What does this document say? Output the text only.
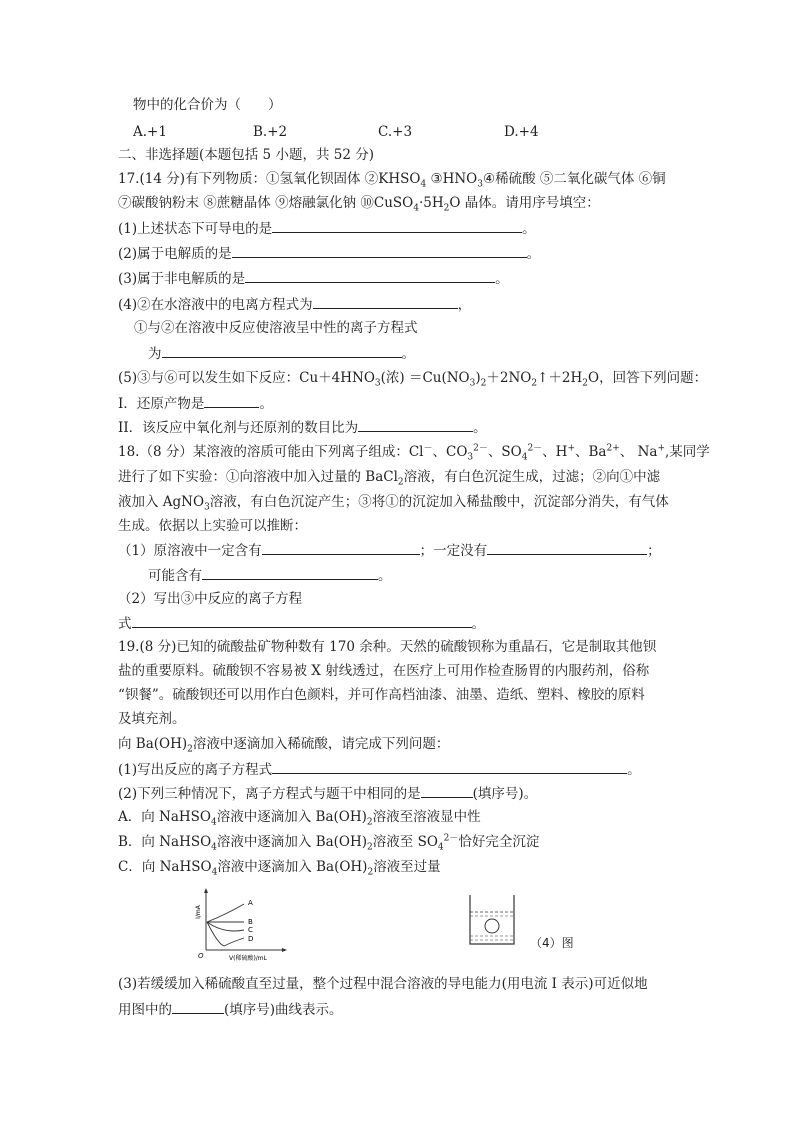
物中的化合价为（　　）
A.+1	B.+2	C.+3	D.+4
二、非选择题(本题包括 5 小题，共 52 分)
17.(14 分)有下列物质：①氢氧化钡固体 $②KHSO_4$ $③HNO_3④$稀硫酸 ⑤二氧化碳气体 ⑥铜
⑦碳酸钠粉末 ⑧蔗糖晶体 ⑨熔融氯化钠 $⑩CuSO_4\cdot 5H_2O$ 晶体。请用序号填空：
(1)上述状态下可导电的是	。
(2)属于电解质的是	。
(3)属于非电解质的是	。
(4)②在水溶液中的电离方程式为	，
①与②在溶液中反应使溶液呈中性的离子方程式
为	。
(5)③与⑥可以发生如下反应：$Cu+4HNO_3$(浓) $=Cu(NO_3)_2+2NO_2↑+2H_2O$，回答下列问题：
I．还原产物是	。
II．该反应中氧化剂与还原剂的数目比为	。
18.（8 分）某溶液的溶质可能由下列离子组成：Cl－、$CO_3^{2-}$、$SO_4^{2-}$、H+、$Ba^{2+}$、 Na+,某同学
进行了如下实验：①向溶液中加入过量的 BaCl$_2$溶液，有白色沉淀生成，过滤；②向①中滤
液加入 AgNO$_3$溶液，有白色沉淀产生；③将①的沉淀加入稀盐酸中，沉淀部分消失，有气体
生成。依据以上实验可以推断：
（1）原溶液中一定含有	；一定没有	；
可能含有	。
（2）写出③中反应的离子方程
式	。
19.(8 分)已知的硫酸盐矿物种数有 170 余种。天然的硫酸钡称为重晶石，它是制取其他钡
盐的重要原料。硫酸钡不容易被 X 射线透过，在医疗上可用作检查肠胃的内服药剂，俗称
“钡餐”。硫酸钡还可以用作白色颜料，并可作高档油漆、油墨、造纸、塑料、橡胶的原料
及填充剂。
向 $Ba(OH)_2$溶液中逐滴加入稀硫酸，请完成下列问题：
(1)写出反应的离子方程式	。
(2)下列三种情况下，离子方程式与题干中相同的是	(填序号)。
A．向 NaHSO$_4$溶液中逐滴加入 $Ba(OH)_2$溶液至溶液显中性
B．向 NaHSO$_4$溶液中逐滴加入 $Ba(OH)_2$溶液至 $SO_4^{2-}$恰好完全沉淀
C．向 NaHSO$_4$溶液中逐滴加入 $Ba(OH)_2$溶液至过量
I/mA
O	V(稀硫酸)/mL
A
B
C
D	（4）图
(3)若缓缓加入稀硫酸直至过量，整个过程中混合溶液的导电能力(用电流 I 表示)可近似地
用图中的	(填序号)曲线表示。
